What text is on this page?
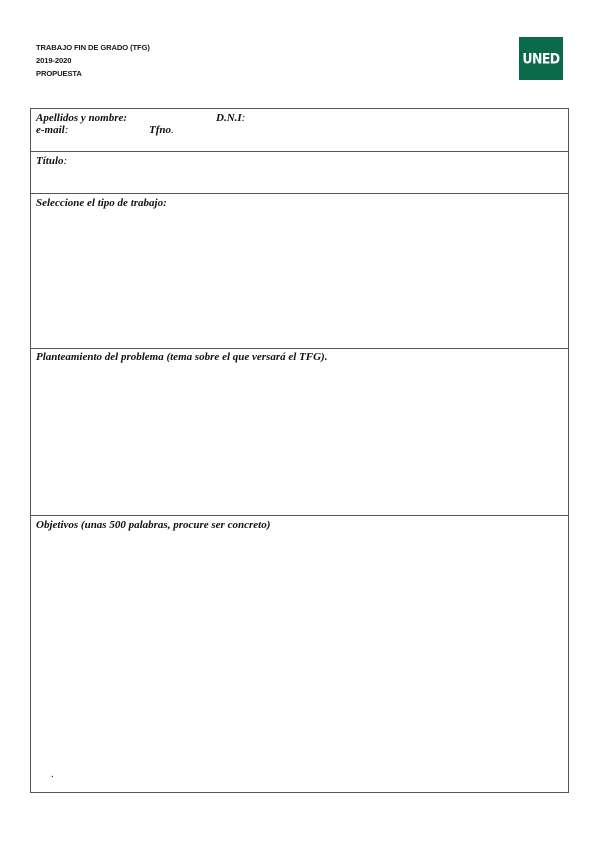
TRABAJO FIN DE GRADO (TFG)
2019-2020
PROPUESTA
UNED
Apellidos y nombre:	D.N.I:
e-mail:	Tfno.
Título:
Seleccione el tipo de trabajo:
Planteamiento del problema (tema sobre el que versará el TFG).
Objetivos (unas 500 palabras, procure ser concreto)
.
